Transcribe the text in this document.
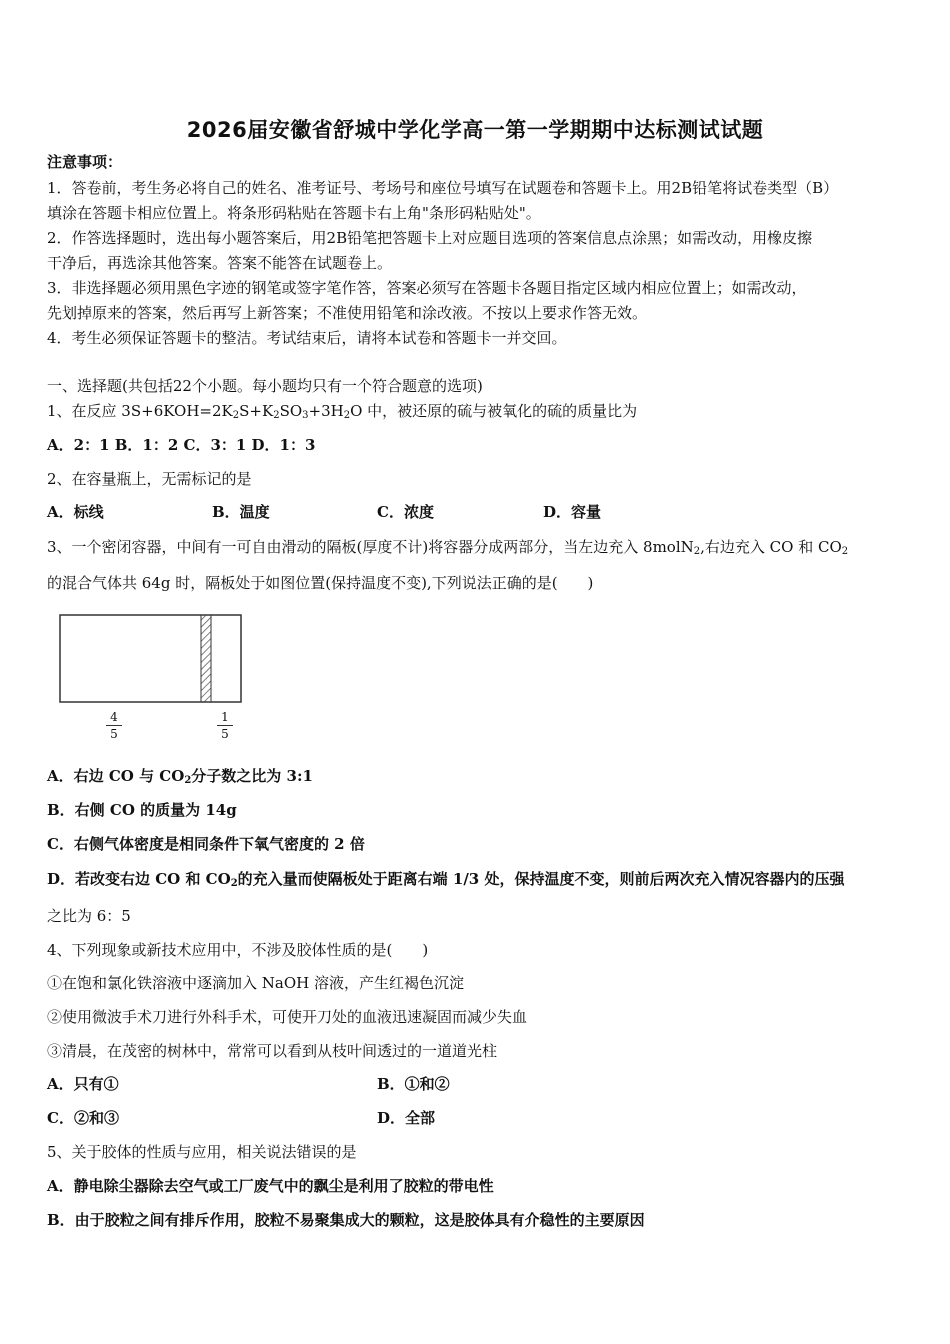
2026届安徽省舒城中学化学高一第一学期期中达标测试试题
注意事项：
1．答卷前，考生务必将自己的姓名、准考证号、考场号和座位号填写在试题卷和答题卡上。用2B铅笔将试卷类型（B）
填涂在答题卡相应位置上。将条形码粘贴在答题卡右上角"条形码粘贴处"。
2．作答选择题时，选出每小题答案后，用2B铅笔把答题卡上对应题目选项的答案信息点涂黑；如需改动，用橡皮擦
干净后，再选涂其他答案。答案不能答在试题卷上。
3．非选择题必须用黑色字迹的钢笔或签字笔作答，答案必须写在答题卡各题目指定区域内相应位置上；如需改动，
先划掉原来的答案，然后再写上新答案；不准使用铅笔和涂改液。不按以上要求作答无效。
4．考生必须保证答题卡的整洁。考试结束后，请将本试卷和答题卡一并交回。
一、选择题(共包括22个小题。每小题均只有一个符合题意的选项)
1、在反应 $3S+6KOH=2K_2S+K_2SO_3+3H_2O$ 中，被还原的硫与被氧化的硫的质量比为
A．2：1 B．1：2 C．3：1 D．1：3
2、在容量瓶上，无需标记的是
A．标线	B．温度	C．浓度	D．容量
3、一个密闭容器，中间有一可自由滑动的隔板(厚度不计)将容器分成两部分，当左边充入 8molN$_2$,右边充入 CO 和 $CO_2$
的混合气体共 64g 时，隔板处于如图位置(保持温度不变),下列说法正确的是(　　)
$\frac{4}{5}$	$\frac{1}{5}$
A．右边 CO 与 $CO_2$分子数之比为 3:1
B．右侧 CO 的质量为 14g
C．右侧气体密度是相同条件下氧气密度的 2 倍
D．若改变右边 CO 和 $CO_2$的充入量而使隔板处于距离右端 1/3 处，保持温度不变，则前后两次充入情况容器内的压强
之比为 6：5
4、下列现象或新技术应用中，不涉及胶体性质的是(　　)
①在饱和氯化铁溶液中逐滴加入 NaOH 溶液，产生红褐色沉淀
②使用微波手术刀进行外科手术，可使开刀处的血液迅速凝固而减少失血
③清晨，在茂密的树林中，常常可以看到从枝叶间透过的一道道光柱
A．只有①	B．①和②
C．②和③	D．全部
5、关于胶体的性质与应用，相关说法错误的是
A．静电除尘器除去空气或工厂废气中的飘尘是利用了胶粒的带电性
B．由于胶粒之间有排斥作用，胶粒不易聚集成大的颗粒，这是胶体具有介稳性的主要原因
